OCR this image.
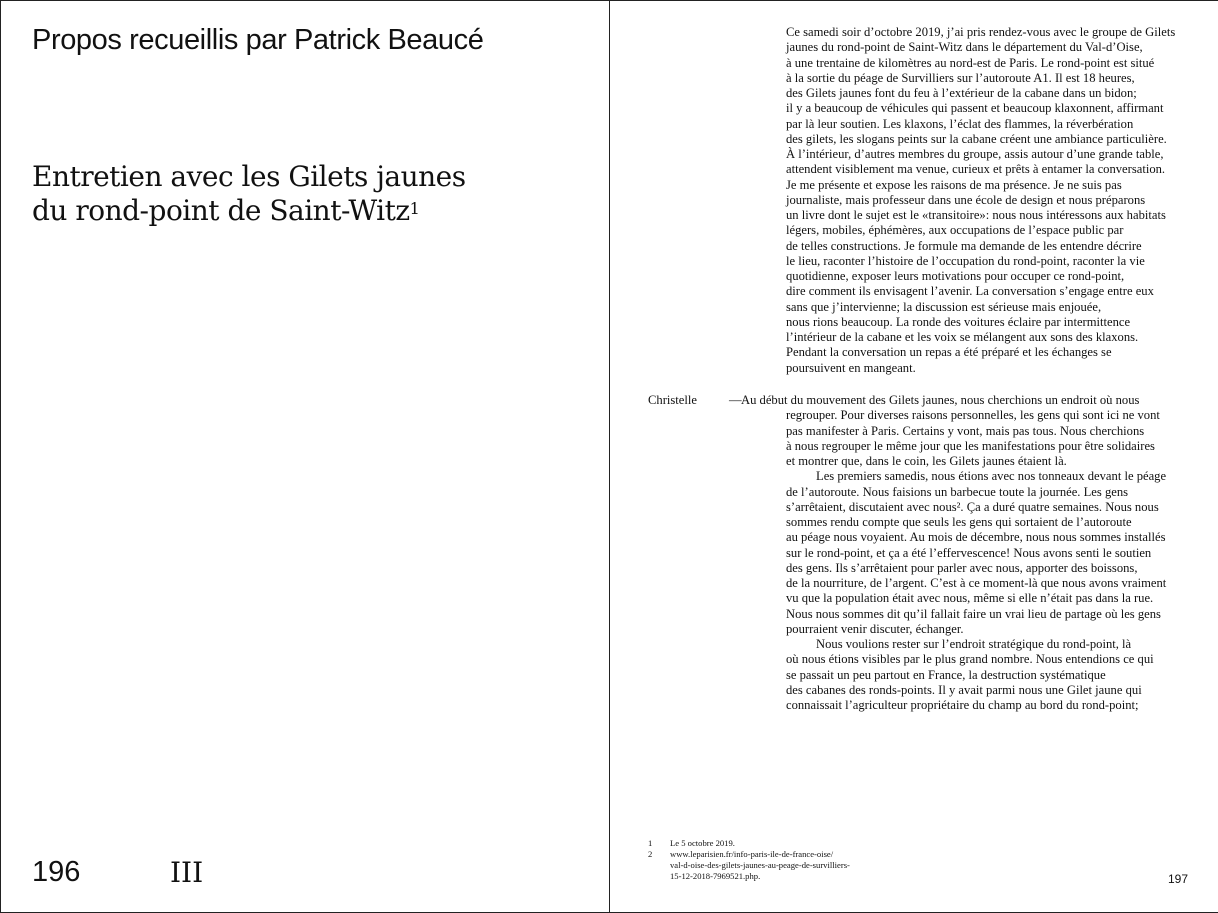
Propos recueillis par Patrick Beaucé
Entretien avec les Gilets jaunes
du rond-point de Saint-Witz$^1$
196	III
Ce samedi soir d’octobre 2019, j’ai pris rendez-vous avec le groupe de Gilets
jaunes du rond-point de Saint-Witz dans le département du Val-d’Oise,
à une trentaine de kilomètres au nord-est de Paris. Le rond-point est situé
à la sortie du péage de Survilliers sur l’autoroute A1. Il est 18 heures,
des Gilets jaunes font du feu à l’extérieur de la cabane dans un bidon;
il y a beaucoup de véhicules qui passent et beaucoup klaxonnent, affirmant
par là leur soutien. Les klaxons, l’éclat des flammes, la réverbération
des gilets, les slogans peints sur la cabane créent une ambiance particulière.
À l’intérieur, d’autres membres du groupe, assis autour d’une grande table,
attendent visiblement ma venue, curieux et prêts à entamer la conversation.
Je me présente et expose les raisons de ma présence. Je ne suis pas
journaliste, mais professeur dans une école de design et nous préparons
un livre dont le sujet est le «transitoire»: nous nous intéressons aux habitats
légers, mobiles, éphémères, aux occupations de l’espace public par
de telles constructions. Je formule ma demande de les entendre décrire
le lieu, raconter l’histoire de l’occupation du rond-point, raconter la vie
quotidienne, exposer leurs motivations pour occuper ce rond-point,
dire comment ils envisagent l’avenir. La conversation s’engage entre eux
sans que j’intervienne; la discussion est sérieuse mais enjouée,
nous rions beaucoup. La ronde des voitures éclaire par intermittence
l’intérieur de la cabane et les voix se mélangent aux sons des klaxons.
Pendant la conversation un repas a été préparé et les échanges se
poursuivent en mangeant.
Christelle	— Au début du mouvement des Gilets jaunes, nous cherchions un endroit où nous
regrouper. Pour diverses raisons personnelles, les gens qui sont ici ne vont
pas manifester à Paris. Certains y vont, mais pas tous. Nous cherchions
à nous regrouper le même jour que les manifestations pour être solidaires
et montrer que, dans le coin, les Gilets jaunes étaient là.
Les premiers samedis, nous étions avec nos tonneaux devant le péage
de l’autoroute. Nous faisions un barbecue toute la journée. Les gens
s’arrêtaient, discutaient avec nous². Ça a duré quatre semaines. Nous nous
sommes rendu compte que seuls les gens qui sortaient de l’autoroute
au péage nous voyaient. Au mois de décembre, nous nous sommes installés
sur le rond-point, et ça a été l’effervescence! Nous avons senti le soutien
des gens. Ils s’arrêtaient pour parler avec nous, apporter des boissons,
de la nourriture, de l’argent. C’est à ce moment-là que nous avons vraiment
vu que la population était avec nous, même si elle n’était pas dans la rue.
Nous nous sommes dit qu’il fallait faire un vrai lieu de partage où les gens
pourraient venir discuter, échanger.
Nous voulions rester sur l’endroit stratégique du rond-point, là
où nous étions visibles par le plus grand nombre. Nous entendions ce qui
se passait un peu partout en France, la destruction systématique
des cabanes des ronds-points. Il y avait parmi nous une Gilet jaune qui
connaissait l’agriculteur propriétaire du champ au bord du rond-point;
1 Le 5 octobre 2019.
2 www.leparisien.fr/info-paris-ile-de-france-oise/
val-d-oise-des-gilets-jaunes-au-peage-de-survilliers-
15-12-2018-7969521.php.	197
